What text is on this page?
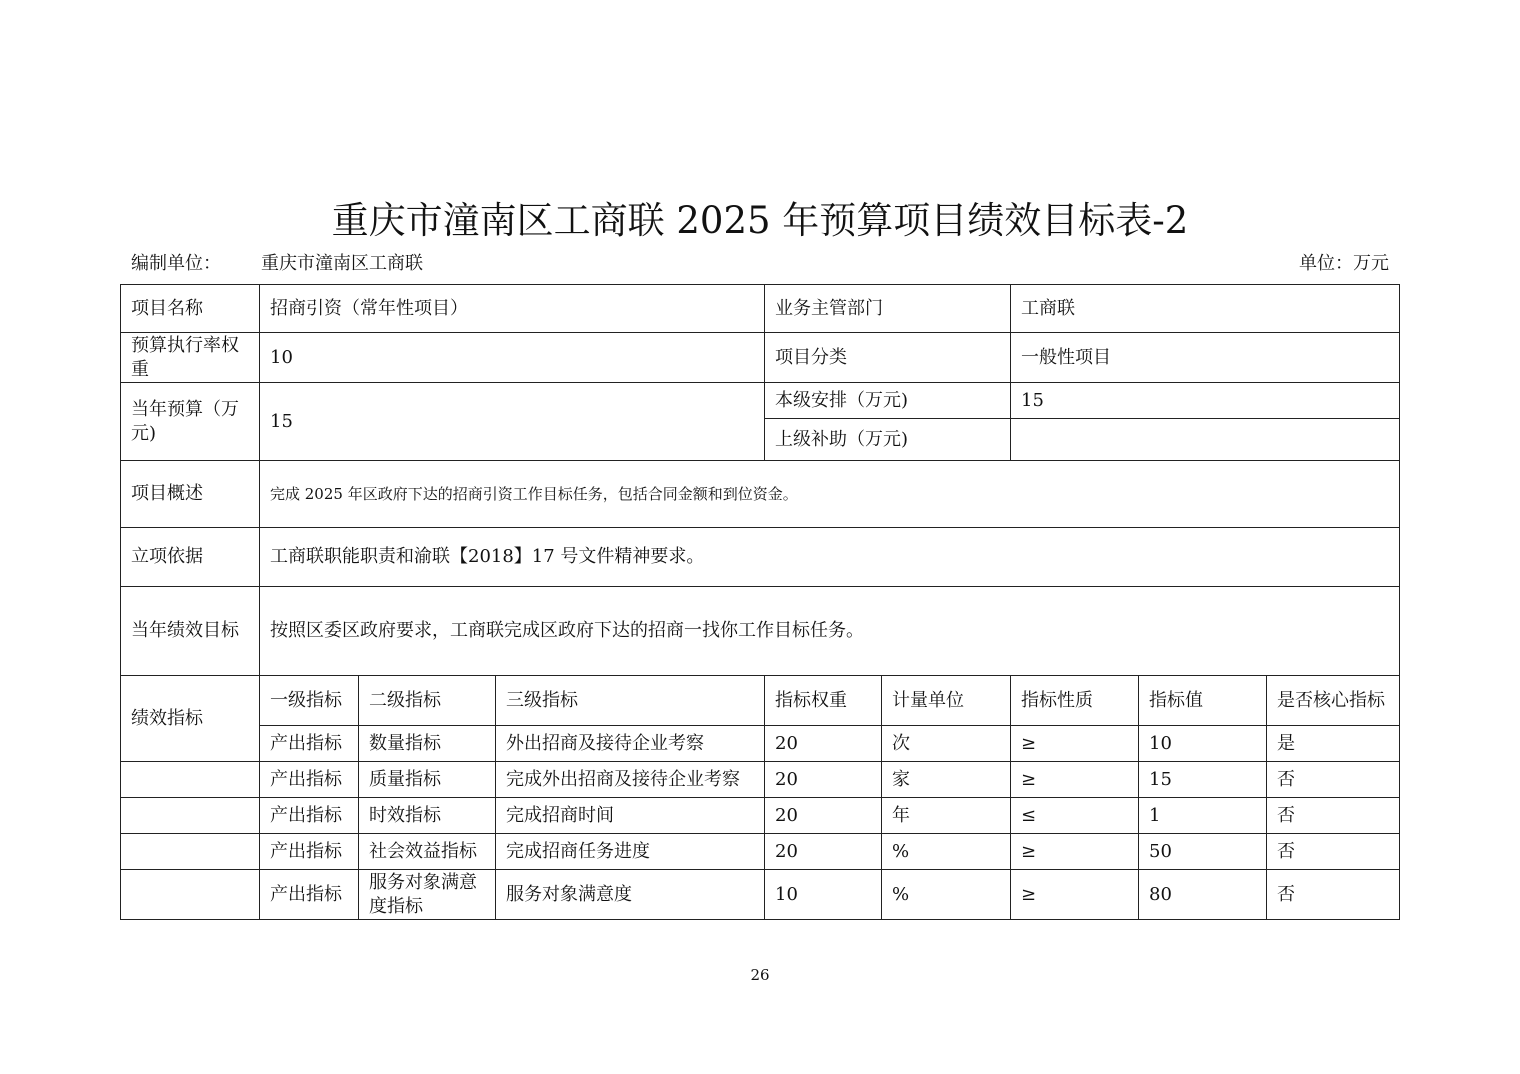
重庆市潼南区工商联 2025 年预算项目绩效目标表-2
编制单位： 重庆市潼南区工商联	单位：万元
项目名称	招商引资（常年性项目）			业务主管部门		工商联		
预算执行率权重	10			项目分类		一般性项目		
当年预算（万元)	15			本级安排（万元)		15		
				上级补助（万元)				
项目概述	完成 2025 年区政府下达的招商引资工作目标任务，包括合同金额和到位资金。							
立项依据	工商联职能职责和渝联【2018】17 号文件精神要求。							
当年绩效目标	按照区委区政府要求，工商联完成区政府下达的招商一找你工作目标任务。							
绩效指标	一级指标	二级指标	三级指标	指标权重	计量单位	指标性质	指标值	是否核心指标
	产出指标	数量指标	外出招商及接待企业考察	20	次	≥	10	是
	产出指标	质量指标	完成外出招商及接待企业考察	20	家	≥	15	否
	产出指标	时效指标	完成招商时间	20	年	≤	1	否
	产出指标	社会效益指标	完成招商任务进度	20	%	≥	50	否
	产出指标	服务对象满意度指标	服务对象满意度	10	%	≥	80	否
26
